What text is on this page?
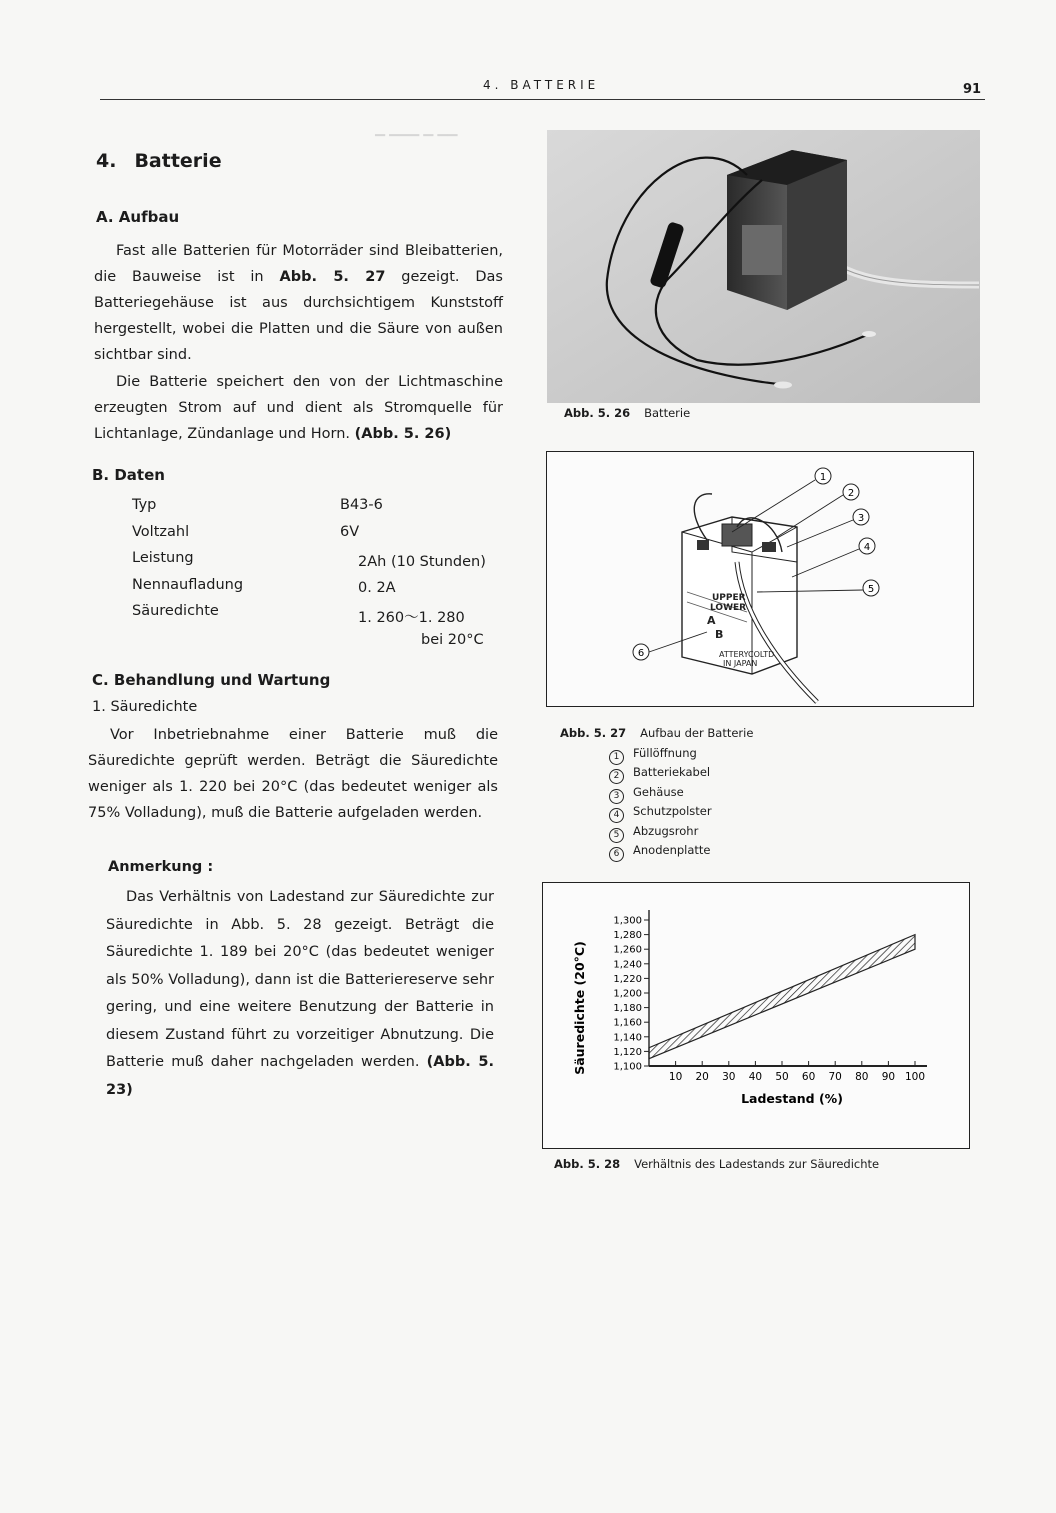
4. BATTERIE	91
▁ ▁▁▁ ▁ ▁▁
4. Batterie
A. Aufbau
Fast alle Batterien für Motorräder sind Bleibatterien, die Bauweise ist in Abb. 5. 27 gezeigt. Das Batteriegehäuse ist aus durchsichtigem Kunststoff hergestellt, wobei die Platten und die Säure von außen sichtbar sind.
Die Batterie speichert den von der Lichtmaschine erzeugten Strom auf und dient als Stromquelle für Lichtanlage, Zündanlage und Horn. (Abb. 5. 26)
B. Daten
Typ	B43-6
Voltzahl	6V
Leistung	2Ah (10 Stunden)
Nennaufladung	0. 2A
Säuredichte	1. 260～1. 280
bei 20°C
C. Behandlung und Wartung
1. Säuredichte
Vor Inbetriebnahme einer Batterie muß die Säuredichte geprüft werden. Beträgt die Säuredichte weniger als 1. 220 bei 20°C (das bedeutet weniger als 75% Volladung), muß die Batterie aufgeladen werden.
Anmerkung :
Das Verhältnis von Ladestand zur Säuredichte zur Säuredichte in Abb. 5. 28 gezeigt. Beträgt die Säuredichte 1. 189 bei 20°C (das bedeutet weniger als 50% Volladung), dann ist die Batteriereserve sehr gering, und eine weitere Benutzung der Batterie in diesem Zustand führt zu vorzeitiger Abnutzung. Die Batterie muß daher nachgeladen werden. (Abb. 5. 23)
Abb. 5. 26 Batterie
UPPER
LOWER
A
B
ATTERYCOLTD
IN JAPAN
1
2
3
4
5
6
Abb. 5. 27 Aufbau der Batterie
1 Füllöffnung
2 Batteriekabel
3 Gehäuse
4 Schutzpolster
5 Abzugsrohr
6 Anodenplatte
1,100
1,120
1,140
1,160
1,180
1,200
1,220
1,240
1,260
1,280
1,300
10 20 30 40 50 60 70 80 90 100
Ladestand (%)
Säuredichte (20°C)
Abb. 5. 28 Verhältnis des Ladestands zur Säuredichte
